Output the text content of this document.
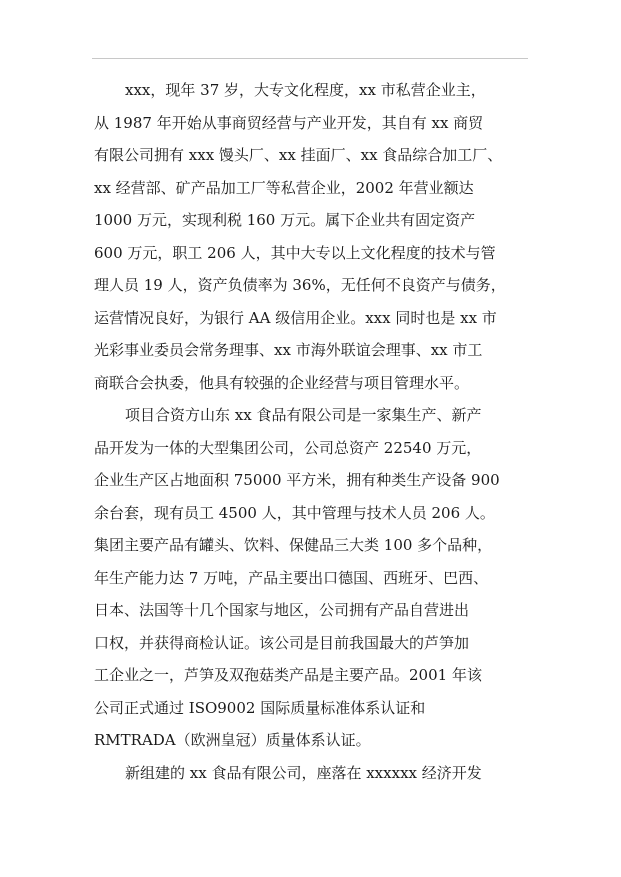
xxx，现年 37 岁，大专文化程度，xx 市私营企业主，
从 1987 年开始从事商贸经营与产业开发，其自有 xx 商贸
有限公司拥有 xxx 馒头厂、xx 挂面厂、xx 食品综合加工厂、
xx 经营部、矿产品加工厂等私营企业，2002 年营业额达
1000 万元，实现利税 160 万元。属下企业共有固定资产
600 万元，职工 206 人，其中大专以上文化程度的技术与管
理人员 19 人，资产负债率为 36%，无任何不良资产与债务，
运营情况良好，为银行 AA 级信用企业。xxx 同时也是 xx 市
光彩事业委员会常务理事、xx 市海外联谊会理事、xx 市工
商联合会执委，他具有较强的企业经营与项目管理水平。
项目合资方山东 xx 食品有限公司是一家集生产、新产
品开发为一体的大型集团公司，公司总资产 22540 万元，
企业生产区占地面积 75000 平方米，拥有种类生产设备 900
余台套，现有员工 4500 人，其中管理与技术人员 206 人。
集团主要产品有罐头、饮料、保健品三大类 100 多个品种，
年生产能力达 7 万吨，产品主要出口德国、西班牙、巴西、
日本、法国等十几个国家与地区，公司拥有产品自营进出
口权，并获得商检认证。该公司是目前我国最大的芦笋加
工企业之一，芦笋及双孢菇类产品是主要产品。2001 年该
公司正式通过 ISO9002 国际质量标准体系认证和
RMTRADA（欧洲皇冠）质量体系认证。
新组建的 xx 食品有限公司，座落在 xxxxxx 经济开发
